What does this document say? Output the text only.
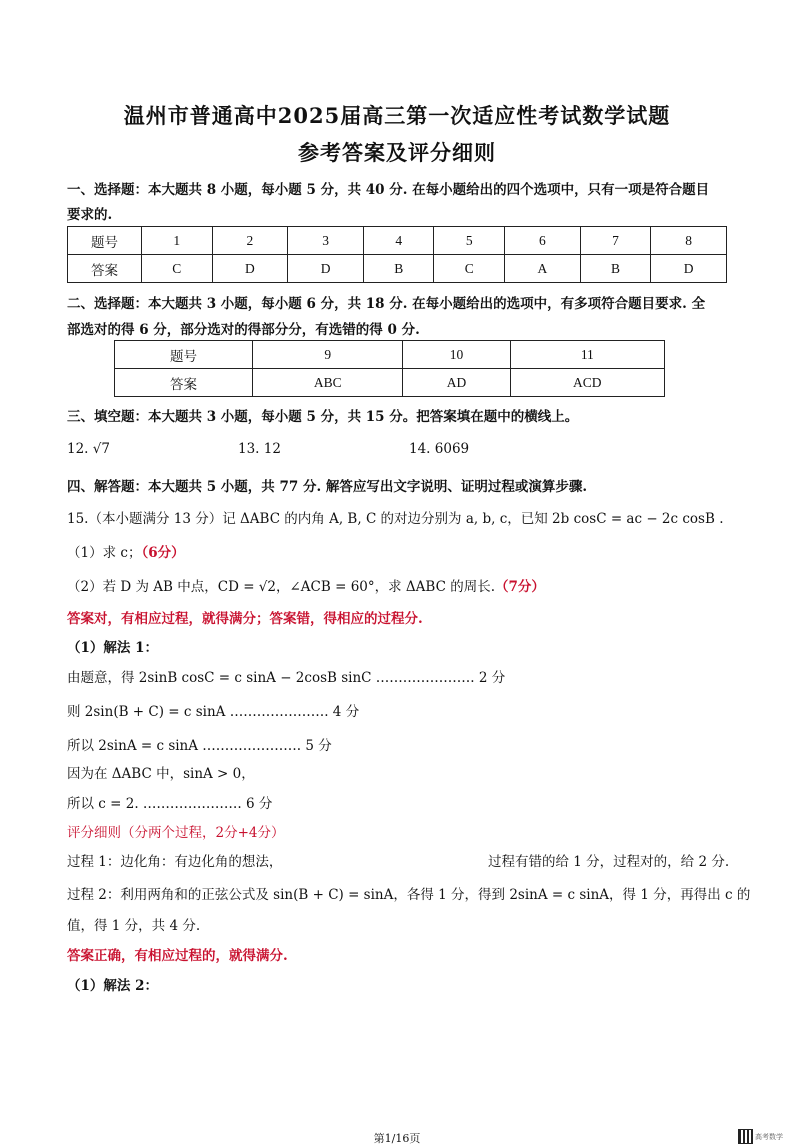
温州市普通高中2025届高三第一次适应性考试数学试题
参考答案及评分细则
一、选择题：本大题共 8 小题，每小题 5 分，共 40 分. 在每小题给出的四个选项中，只有一项是符合题目
要求的.
题号	1	2	3	4	5	6	7	8
答案	C	D	D	B	C	A	B	D
二、选择题：本大题共 3 小题，每小题 6 分，共 18 分. 在每小题给出的选项中，有多项符合题目要求. 全
部选对的得 6 分，部分选对的得部分分，有选错的得 0 分.
题号	9	10	11
答案	ABC	AD	ACD
三、填空题：本大题共 3 小题，每小题 5 分，共 15 分。把答案填在题中的横线上。
12. √7	13. 12	14. 6069
四、解答题：本大题共 5 小题，共 77 分. 解答应写出文字说明、证明过程或演算步骤.
15.（本小题满分 13 分）记 ΔABC 的内角 A, B, C 的对边分别为 a, b, c，已知 2b cosC = ac − 2c cosB .
（1）求 c；（6分）
（2）若 D 为 AB 中点，CD = √2，∠ACB = 60°，求 ΔABC 的周长.（7分）
答案对，有相应过程，就得满分；答案错，得相应的过程分.
（1）解法 1：
由题意，得 2sinB cosC = c sinA − 2cosB sinC …………………. 2 分
则 2sin(B + C) = c sinA …………………. 4 分
所以 2sinA = c sinA …………………. 5 分
因为在 ΔABC 中，sinA > 0，
所以 c = 2. …………………. 6 分
评分细则（分两个过程，2分+4分）
过程 1：边化角：有边化角的想法，	过程有错的给 1 分，过程对的，给 2 分.
过程 2：利用两角和的正弦公式及 sin(B + C) = sinA，各得 1 分，得到 2sinA = c sinA，得 1 分，再得出 c 的
值，得 1 分，共 4 分.
答案正确，有相应过程的，就得满分.
（1）解法 2：
第1/16页	高考数学
